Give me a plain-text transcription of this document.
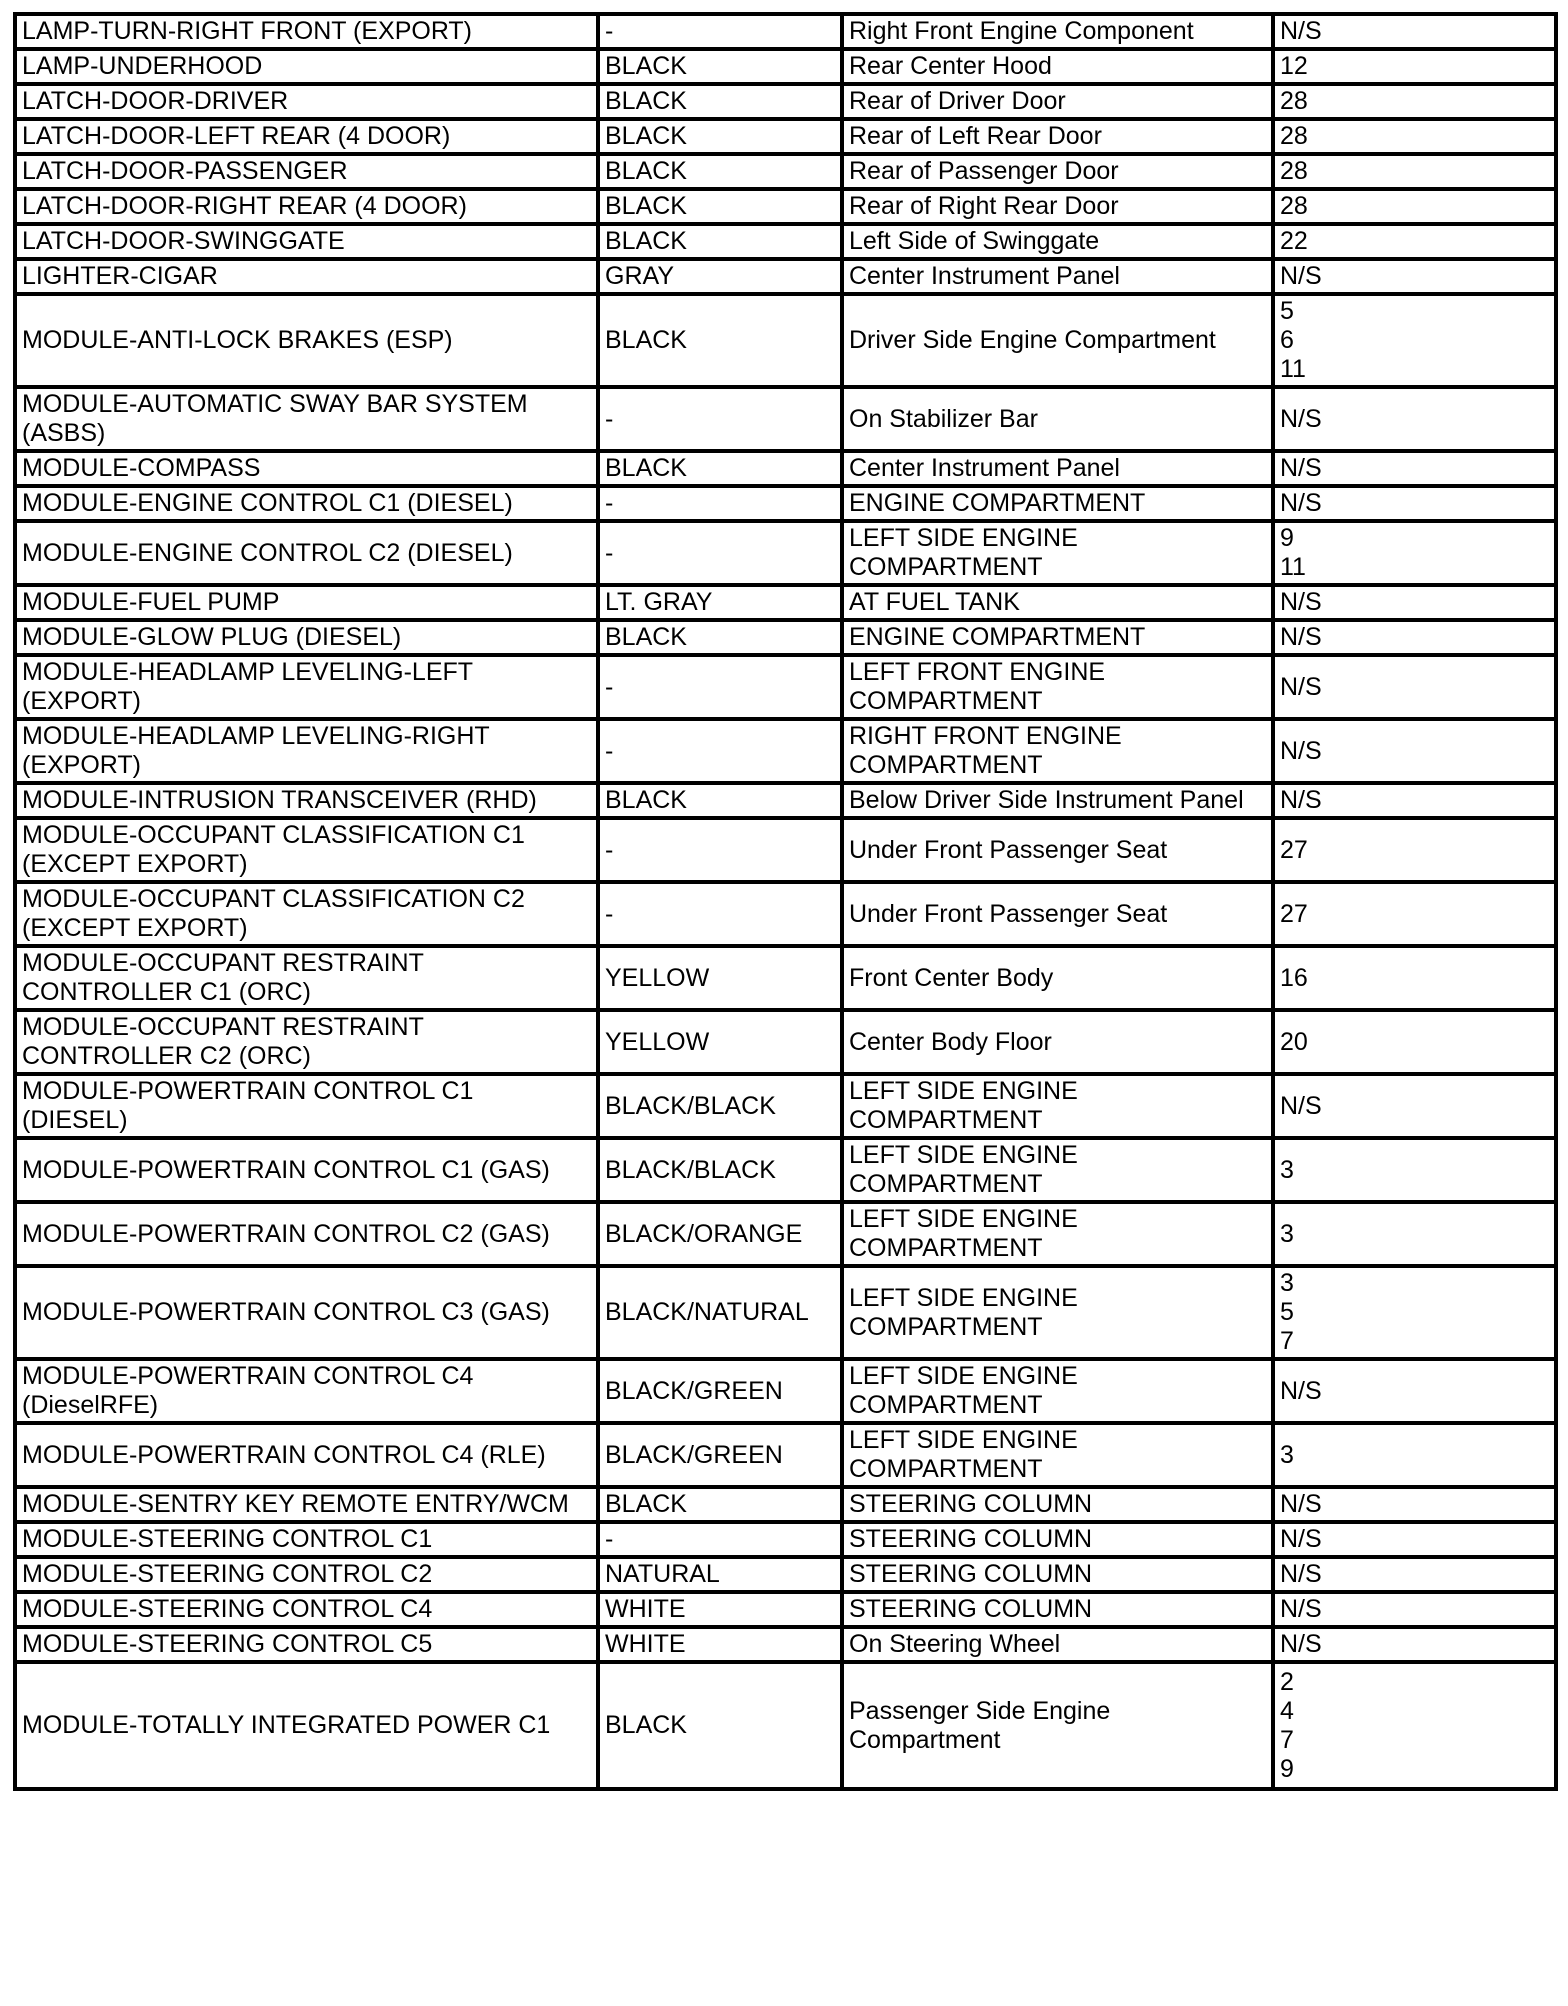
LAMP-TURN-RIGHT FRONT (EXPORT)	-	Right Front Engine Component	N/S
LAMP-UNDERHOOD	BLACK	Rear Center Hood	12
LATCH-DOOR-DRIVER	BLACK	Rear of Driver Door	28
LATCH-DOOR-LEFT REAR (4 DOOR)	BLACK	Rear of Left Rear Door	28
LATCH-DOOR-PASSENGER	BLACK	Rear of Passenger Door	28
LATCH-DOOR-RIGHT REAR (4 DOOR)	BLACK	Rear of Right Rear Door	28
LATCH-DOOR-SWINGGATE	BLACK	Left Side of Swinggate	22
LIGHTER-CIGAR	GRAY	Center Instrument Panel	N/S
MODULE-ANTI-LOCK BRAKES (ESP)	BLACK	Driver Side Engine Compartment	5
6
11
MODULE-AUTOMATIC SWAY BAR SYSTEM
(ASBS)	-	On Stabilizer Bar	N/S
MODULE-COMPASS	BLACK	Center Instrument Panel	N/S
MODULE-ENGINE CONTROL C1 (DIESEL)	-	ENGINE COMPARTMENT	N/S
MODULE-ENGINE CONTROL C2 (DIESEL)	-	LEFT SIDE ENGINE
COMPARTMENT	9
11
MODULE-FUEL PUMP	LT. GRAY	AT FUEL TANK	N/S
MODULE-GLOW PLUG (DIESEL)	BLACK	ENGINE COMPARTMENT	N/S
MODULE-HEADLAMP LEVELING-LEFT
(EXPORT)	-	LEFT FRONT ENGINE
COMPARTMENT	N/S
MODULE-HEADLAMP LEVELING-RIGHT
(EXPORT)	-	RIGHT FRONT ENGINE
COMPARTMENT	N/S
MODULE-INTRUSION TRANSCEIVER (RHD)	BLACK	Below Driver Side Instrument Panel	N/S
MODULE-OCCUPANT CLASSIFICATION C1
(EXCEPT EXPORT)	-	Under Front Passenger Seat	27
MODULE-OCCUPANT CLASSIFICATION C2
(EXCEPT EXPORT)	-	Under Front Passenger Seat	27
MODULE-OCCUPANT RESTRAINT
CONTROLLER C1 (ORC)	YELLOW	Front Center Body	16
MODULE-OCCUPANT RESTRAINT
CONTROLLER C2 (ORC)	YELLOW	Center Body Floor	20
MODULE-POWERTRAIN CONTROL C1
(DIESEL)	BLACK/BLACK	LEFT SIDE ENGINE
COMPARTMENT	N/S
MODULE-POWERTRAIN CONTROL C1 (GAS)	BLACK/BLACK	LEFT SIDE ENGINE
COMPARTMENT	3
MODULE-POWERTRAIN CONTROL C2 (GAS)	BLACK/ORANGE	LEFT SIDE ENGINE
COMPARTMENT	3
MODULE-POWERTRAIN CONTROL C3 (GAS)	BLACK/NATURAL	LEFT SIDE ENGINE
COMPARTMENT	3
5
7
MODULE-POWERTRAIN CONTROL C4
(DieselRFE)	BLACK/GREEN	LEFT SIDE ENGINE
COMPARTMENT	N/S
MODULE-POWERTRAIN CONTROL C4 (RLE)	BLACK/GREEN	LEFT SIDE ENGINE
COMPARTMENT	3
MODULE-SENTRY KEY REMOTE ENTRY/WCM	BLACK	STEERING COLUMN	N/S
MODULE-STEERING CONTROL C1	-	STEERING COLUMN	N/S
MODULE-STEERING CONTROL C2	NATURAL	STEERING COLUMN	N/S
MODULE-STEERING CONTROL C4	WHITE	STEERING COLUMN	N/S
MODULE-STEERING CONTROL C5	WHITE	On Steering Wheel	N/S
MODULE-TOTALLY INTEGRATED POWER C1	BLACK	Passenger Side Engine
Compartment	2
4
7
9
